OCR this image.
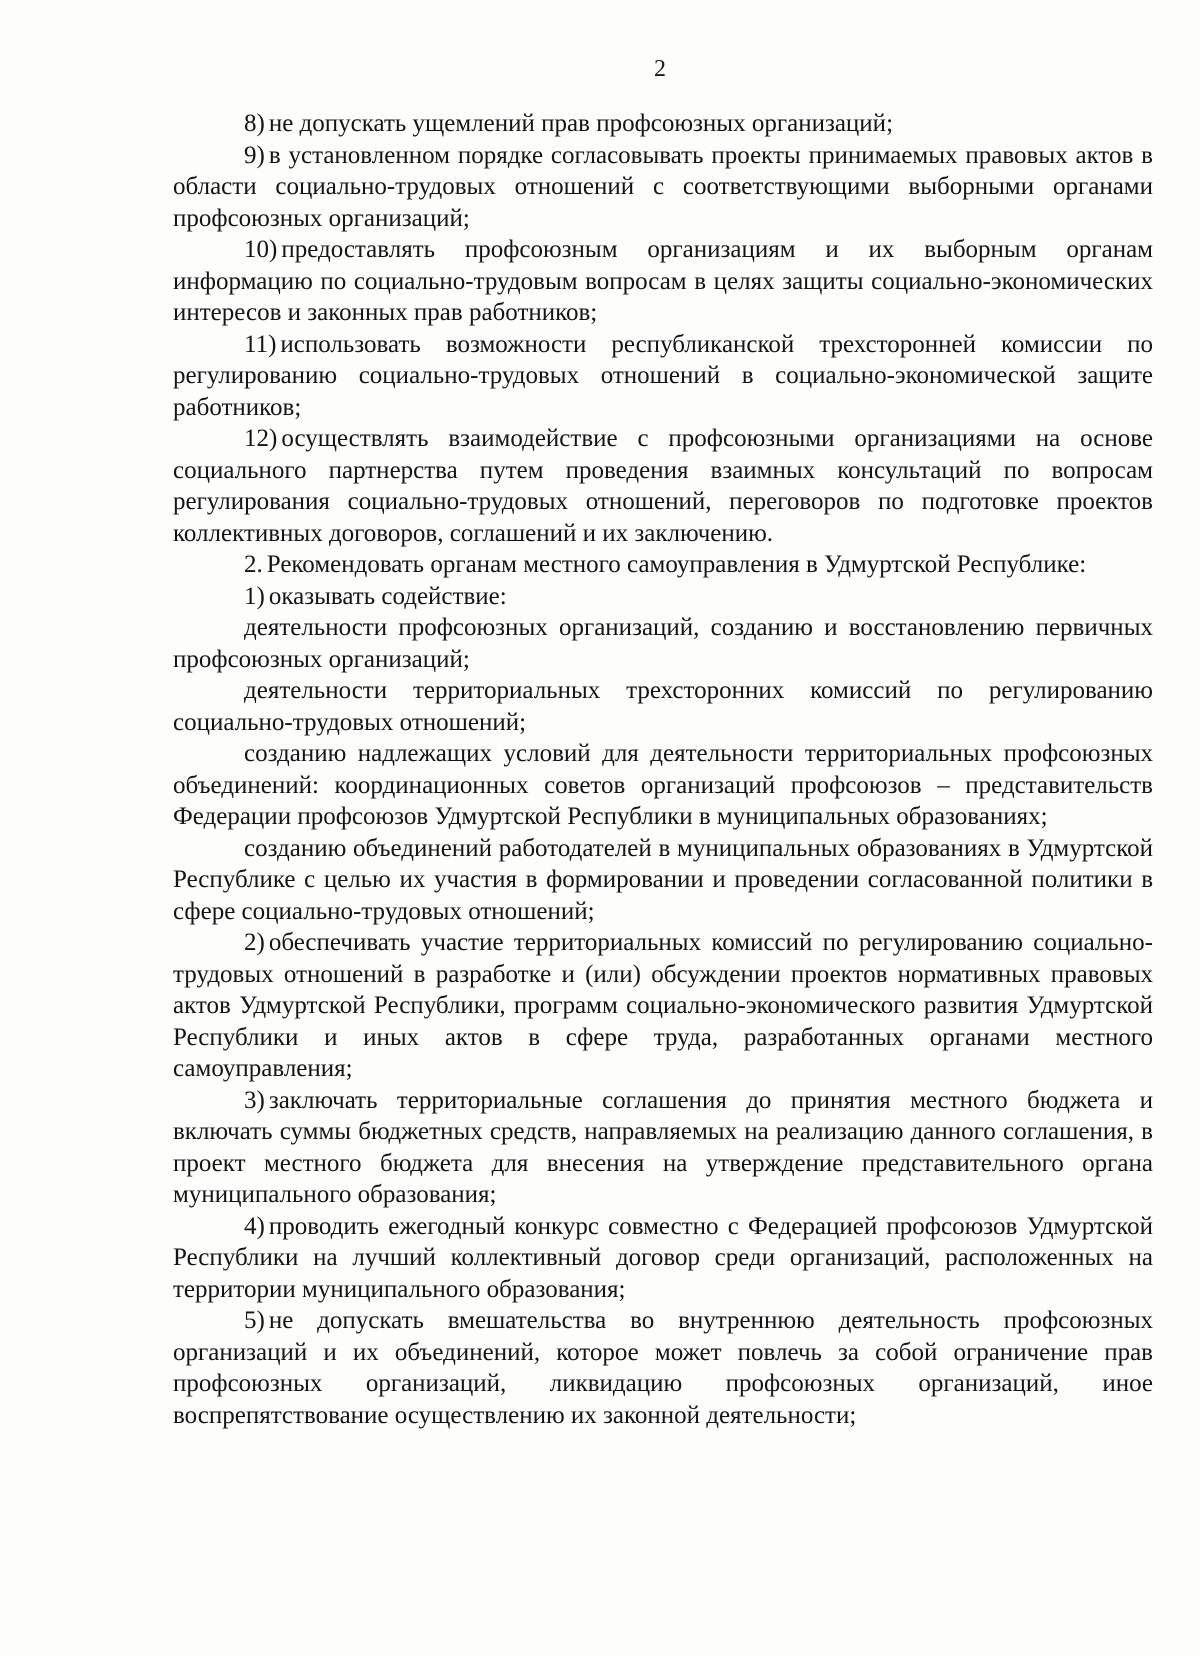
2

8) не допускать ущемлений прав профсоюзных организаций;

9) в установленном порядке согласовывать проекты принимаемых правовых актов в области социально-трудовых отношений с соответствующими выборными органами профсоюзных организаций;

10) предоставлять профсоюзным организациям и их выборным органам информацию по социально-трудовым вопросам в целях защиты социально-экономических интересов и законных прав работников;

11) использовать возможности республиканской трехсторонней комиссии по регулированию социально-трудовых отношений в социально-экономической защите работников;

12) осуществлять взаимодействие с профсоюзными организациями на основе социального партнерства путем проведения взаимных консультаций по вопросам регулирования социально-трудовых отношений, переговоров по подготовке проектов коллективных договоров, соглашений и их заключению.

2. Рекомендовать органам местного самоуправления в Удмуртской Республике:

1) оказывать содействие:

деятельности профсоюзных организаций, созданию и восстановлению первичных профсоюзных организаций;

деятельности территориальных трехсторонних комиссий по регулированию социально-трудовых отношений;

созданию надлежащих условий для деятельности территориальных профсоюзных объединений: координационных советов организаций профсоюзов – представительств Федерации профсоюзов Удмуртской Республики в муниципальных образованиях;

созданию объединений работодателей в муниципальных образованиях в Удмуртской Республике с целью их участия в формировании и проведении согласованной политики в сфере социально-трудовых отношений;

2) обеспечивать участие территориальных комиссий по регулированию социально-трудовых отношений в разработке и (или) обсуждении проектов нормативных правовых актов Удмуртской Республики, программ социально-экономического развития Удмуртской Республики и иных актов в сфере труда, разработанных органами местного самоуправления;

3) заключать территориальные соглашения до принятия местного бюджета и включать суммы бюджетных средств, направляемых на реализацию данного соглашения, в проект местного бюджета для внесения на утверждение представительного органа муниципального образования;

4) проводить ежегодный конкурс совместно с Федерацией профсоюзов Удмуртской Республики на лучший коллективный договор среди организаций, расположенных на территории муниципального образования;

5) не допускать вмешательства во внутреннюю деятельность профсоюзных организаций и их объединений, которое может повлечь за собой ограничение прав профсоюзных организаций, ликвидацию профсоюзных организаций, иное воспрепятствование осуществлению их законной деятельности;
